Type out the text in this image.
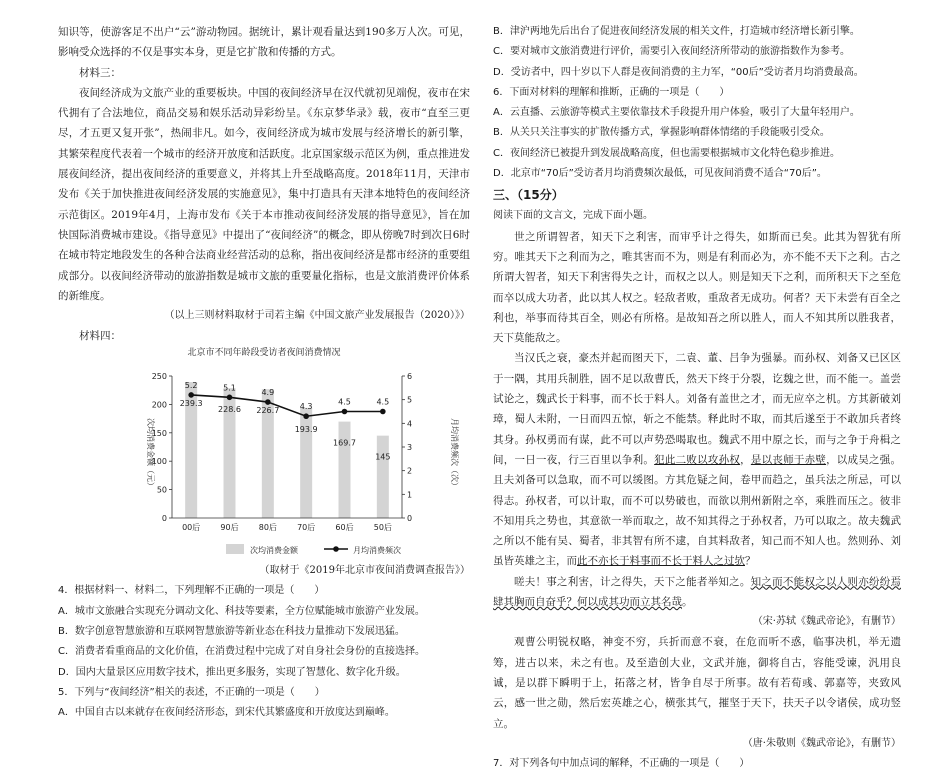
知识等，使游客足不出户“云”游动物园。据统计，累计观看量达到190多万人次。可见，影响受众选择的不仅是事实本身，更是它扩散和传播的方式。

材料三：

夜间经济成为文旅产业的重要板块。中国的夜间经济早在汉代就初见端倪，夜市在宋代拥有了合法地位，商品交易和娱乐活动异彩纷呈。《东京梦华录》载，夜市“直至三更尽，才五更又复开张”，热闹非凡。如今，夜间经济成为城市发展与经济增长的新引擎，其繁荣程度代表着一个城市的经济开放度和活跃度。北京国家级示范区为例，重点推进发展夜间经济，提出夜间经济的重要意义，并将其上升至战略高度。2018年11月，天津市发布《关于加快推进夜间经济发展的实施意见》，集中打造具有天津本地特色的夜间经济示范街区。2019年4月，上海市发布《关于本市推动夜间经济发展的指导意见》，旨在加快国际消费城市建设。《指导意见》中提出了“夜间经济”的概念，即从傍晚7时到次日6时在城市特定地段发生的各种合法商业经营活动的总称，指出夜间经济是都市经济的重要组成部分。以夜间经济带动的旅游指数是城市文旅的重要量化指标，也是文旅消费评价体系的新维度。

（以上三则材料取材于司若主编《中国文旅产业发展报告（2020）》）

材料四：

北京市不同年龄段受访者夜间消费情况
239.3
228.6 226.7
193.9
169.7
145
0
50
100
150
200
250
0
1
2
3
4
5
6
00后	90后	80后	70后	60后	50后
5.2	5.1
4.9
4.3
4.5	4.5
次均消费金额（元）	月均消费频次（次）
次均消费金额	月均消费频次

（取材于《2019年北京市夜间消费调查报告》）

4．根据材料一、材料二，下列理解不正确的一项是（　　）

A．城市文旅融合实现充分调动文化、科技等要素，全方位赋能城市旅游产业发展。

B．数字创意智慧旅游和互联网智慧旅游等新业态在科技力量推动下发展迅猛。

C．消费者看重商品的文化价值，在消费过程中完成了对自身社会身份的直接选择。

D．国内大量景区应用数字技术，推出更多服务，实现了智慧化、数字化升级。

5．下列与“夜间经济”相关的表述，不正确的一项是（　　）

A．中国自古以来就存在夜间经济形态，到宋代其繁盛度和开放度达到巅峰。

B．津沪两地先后出台了促进夜间经济发展的相关文件，打造城市经济增长新引擎。

C．要对城市文旅消费进行评价，需要引入夜间经济所带动的旅游指数作为参考。

D．受访者中，四十岁以下人群是夜间消费的主力军，“00后”受访者月均消费最高。

6．下面对材料的理解和推断，正确的一项是（　　）

A．云直播、云旅游等模式主要依靠技术手段提升用户体验，吸引了大量年轻用户。

B．从关只关注事实的扩散传播方式，掌握影响群体情绪的手段能吸引受众。

C．夜间经济已被提升到发展战略高度，但也需要根据城市文化特色稳步推进。

D．北京市“70后”受访者月均消费频次最低，可见夜间消费不适合“70后”。

三、（15分）

阅读下面的文言文，完成下面小题。

世之所谓智者，知天下之利害，而审乎计之得失，如斯而已矣。此其为智犹有所穷。唯其天下之利而为之，唯其害而不为，则是有利而必为，亦不能不天下之利。古之所谓大智者，知天下利害得失之计，而权之以人。则是知天下之利，而所积天下之至危而卒以成大功者，此以其人权之。轻敌者败，重敌者无成功。何者？天下未尝有百全之利也，举事而待其百全，则必有所格。是故知吾之所以胜人，而人不知其所以胜我者，天下莫能敌之。

当汉氏之衰，豪杰并起而图天下，二袁、董、吕争为强暴。而孙权、刘备又已区区于一隅，其用兵制胜，固不足以敌曹氏，然天下终于分裂，讫魏之世，而不能一。盖尝试论之，魏武长于料事，而不长于料人。刘备有盖世之才，而无应卒之机。方其新破刘璋，蜀人未附，一日而四五惊，斩之不能禁。释此时不取，而其后遂至于不敢加兵者终其身。孙权勇而有谋，此不可以声势恐喝取也。魏武不用中原之长，而与之争于舟楫之间，一日一夜，行三百里以争利。犯此二败以攻孙权，是以丧师于赤壁，以成吴之强。且夫刘备可以急取，而不可以缓图。方其危疑之间，卷甲而趋之，虽兵法之所忌，可以得志。孙权者，可以计取，而不可以势破也，而欲以荆州新附之卒，乘胜而压之。彼非不知用兵之势也，其意欲一举而取之，故不知其得之于孙权者，乃可以取之。故夫魏武之所以不能有吴、蜀者，非其智有所不逮，自其料敌者，知己而不知人也。然则孙、刘虽皆英雄之主，而此不亦长于料事而不长于料人之过欤？

嗟夫！事之利害，计之得失，天下之能者举知之。知之而不能权之以人则亦纷纷焉肆其胸而自奋乎？何以成其功而立其名哉。

（宋·苏轼《魏武帝论》，有删节）

观曹公明锐权略，神变不穷，兵折而意不衰，在危而听不惑，临事决机，举无遗筹，进古以来，未之有也。及至造创大业，文武并施，御将自古，容能受谏，汎用良诚，是以群下瞬明于上，拓落之材，皆争自尽于所事。故有若荀彧、郭嘉等，夹致风云，感一世之勋，然后宏英雄之心，横张其气，摧坚于天下，扶天子以令诸侯，成功竖立。

（唐·朱敬则《魏武帝论》，有删节）

7．对下列各句中加点词的解释，不正确的一项是（　　）
